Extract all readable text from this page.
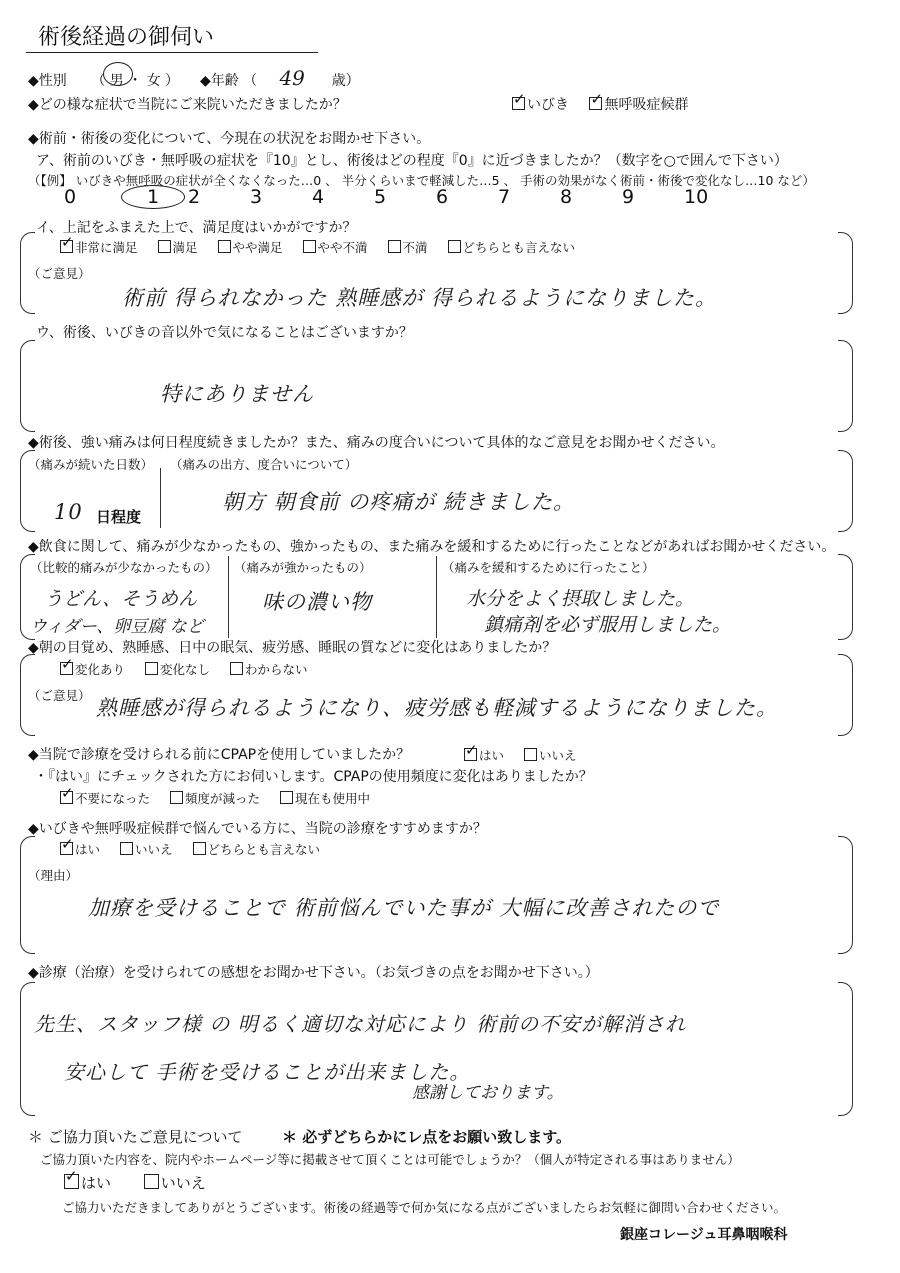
術後経過の御伺い
◆性別 （ 男 ・ 女 ）  ◆年齢 （ 49 歳）
◆どの様な症状で当院にご来院いただきましたか？ ✓	いびき ✓	無呼吸症候群
◆術前・術後の変化について、今現在の状況をお聞かせ下さい。
ア、術前のいびき・無呼吸の症状を『10』とし、術後はどの程度『0』に近づきましたか？（数字を○で囲んで下さい）
（【例】 いびきや無呼吸の症状が全くなくなった…0 、 半分くらいまで軽減した…5 、 手術の効果がなく術前・術後で変化なし…10 など）
0	1 2	3	4	5	6	7	8	9	10
イ、上記をふまえた上で、満足度はいかがですか？
✓非常に満足	満足	やや満足	やや不満	不満	どちらとも言えない
（ご意見）
術前 得られなかった 熟睡感が 得られるようになりました。
ウ、術後、いびきの音以外で気になることはございますか？
特にありません
◆術後、強い痛みは何日程度続きましたか？また、痛みの度合いについて具体的なご意見をお聞かせください。
（痛みが続いた日数）
10 日程度
（痛みの出方、度合いについて）
朝方 朝食前 の疼痛が 続きました。
◆飲食に関して、痛みが少なかったもの、強かったもの、また痛みを緩和するために行ったことなどがあればお聞かせください。
（比較的痛みが少なかったもの）
うどん、そうめん
ウィダー、卵豆腐 など
（痛みが強かったもの）
味の濃い物
（痛みを緩和するために行ったこと）
水分をよく摂取しました。
鎮痛剤を必ず服用しました。
◆朝の目覚め、熟睡感、日中の眠気、疲労感、睡眠の質などに変化はありましたか？
✓変化あり	変化なし	わからない
（ご意見）
熟睡感が得られるようになり、疲労感も軽減するようになりました。
◆当院で診療を受けられる前にCPAPを使用していましたか？ ✓	はい	いいえ
・『はい』にチェックされた方にお伺いします。CPAPの使用頻度に変化はありましたか？
✓不要になった	頻度が減った	現在も使用中
◆いびきや無呼吸症候群で悩んでいる方に、当院の診療をすすめますか？
✓はい	いいえ	どちらとも言えない
（理由）
加療を受けることで 術前悩んでいた事が 大幅に改善されたので
◆診療（治療）を受けられての感想をお聞かせ下さい。（お気づきの点をお聞かせ下さい。）
先生、スタッフ様 の 明るく適切な対応により 術前の不安が解消され
安心して 手術を受けることが出来ました。
感謝しております。
＊ ご協力頂いたご意見について	＊ 必ずどちらかにレ点をお願い致します。
ご協力頂いた内容を、院内やホームページ等に掲載させて頂くことは可能でしょうか？（個人が特定される事はありません）
✓はい	いいえ
ご協力いただきましてありがとうございます。術後の経過等で何か気になる点がございましたらお気軽に御問い合わせください。
銀座コレージュ耳鼻咽喉科
